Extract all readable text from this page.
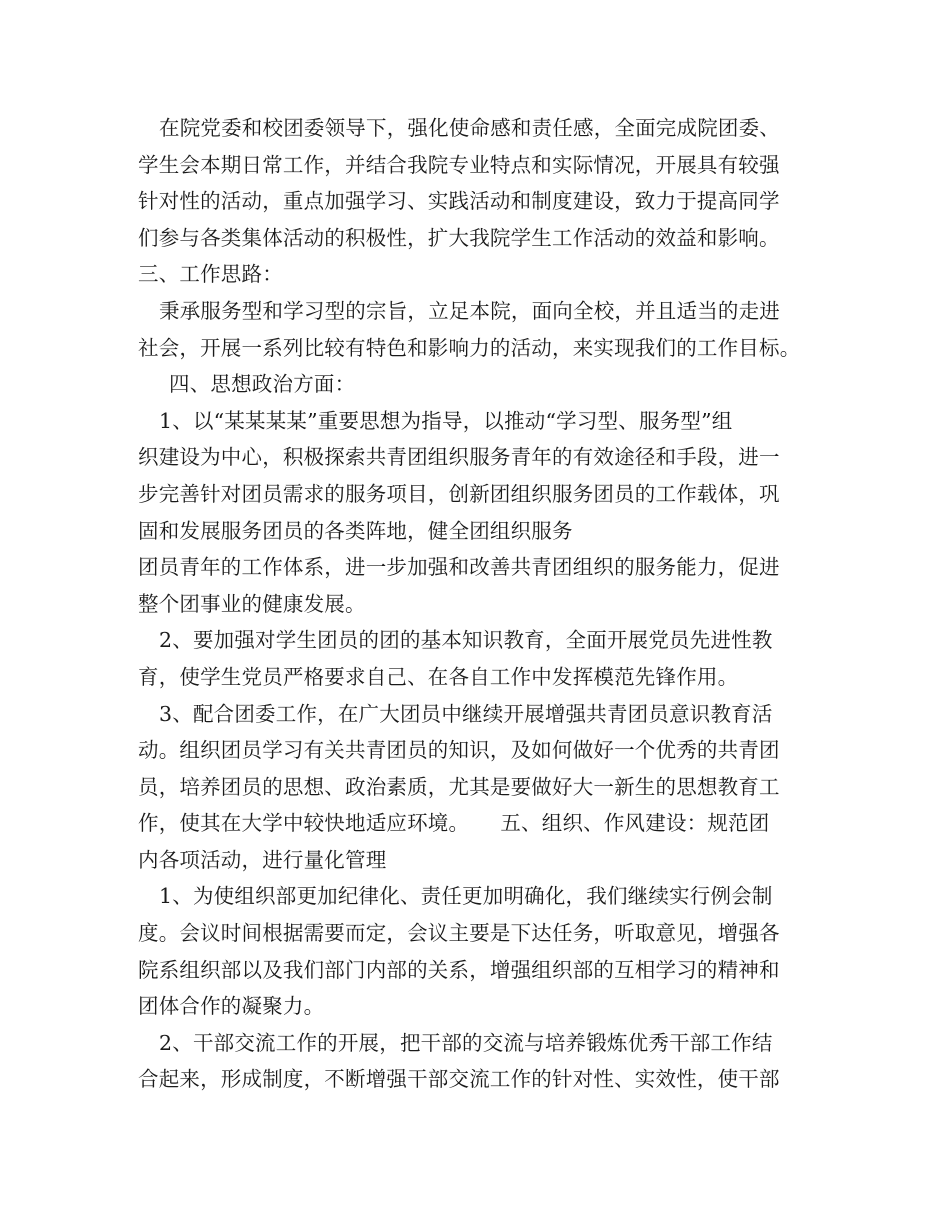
在院党委和校团委领导下，强化使命感和责任感，全面完成院团委、
学生会本期日常工作，并结合我院专业特点和实际情况，开展具有较强
针对性的活动，重点加强学习、实践活动和制度建设，致力于提高同学
们参与各类集体活动的积极性，扩大我院学生工作活动的效益和影响。
三、工作思路：
秉承服务型和学习型的宗旨，立足本院，面向全校，并且适当的走进
社会，开展一系列比较有特色和影响力的活动，来实现我们的工作目标。
四、思想政治方面：
1、以“某某某某”重要思想为指导，以推动“学习型、服务型”组
织建设为中心，积极探索共青团组织服务青年的有效途径和手段，进一
步完善针对团员需求的服务项目，创新团组织服务团员的工作载体，巩
固和发展服务团员的各类阵地，健全团组织服务
团员青年的工作体系，进一步加强和改善共青团组织的服务能力，促进
整个团事业的健康发展。
2、要加强对学生团员的团的基本知识教育，全面开展党员先进性教
育，使学生党员严格要求自己、在各自工作中发挥模范先锋作用。
3、配合团委工作，在广大团员中继续开展增强共青团员意识教育活
动。组织团员学习有关共青团员的知识，及如何做好一个优秀的共青团
员，培养团员的思想、政治素质，尤其是要做好大一新生的思想教育工
作，使其在大学中较快地适应环境。　　五、组织、作风建设：规范团
内各项活动，进行量化管理
1、为使组织部更加纪律化、责任更加明确化，我们继续实行例会制
度。会议时间根据需要而定，会议主要是下达任务，听取意见，增强各
院系组织部以及我们部门内部的关系，增强组织部的互相学习的精神和
团体合作的凝聚力。
2、干部交流工作的开展，把干部的交流与培养锻炼优秀干部工作结
合起来，形成制度，不断增强干部交流工作的针对性、实效性，使干部
